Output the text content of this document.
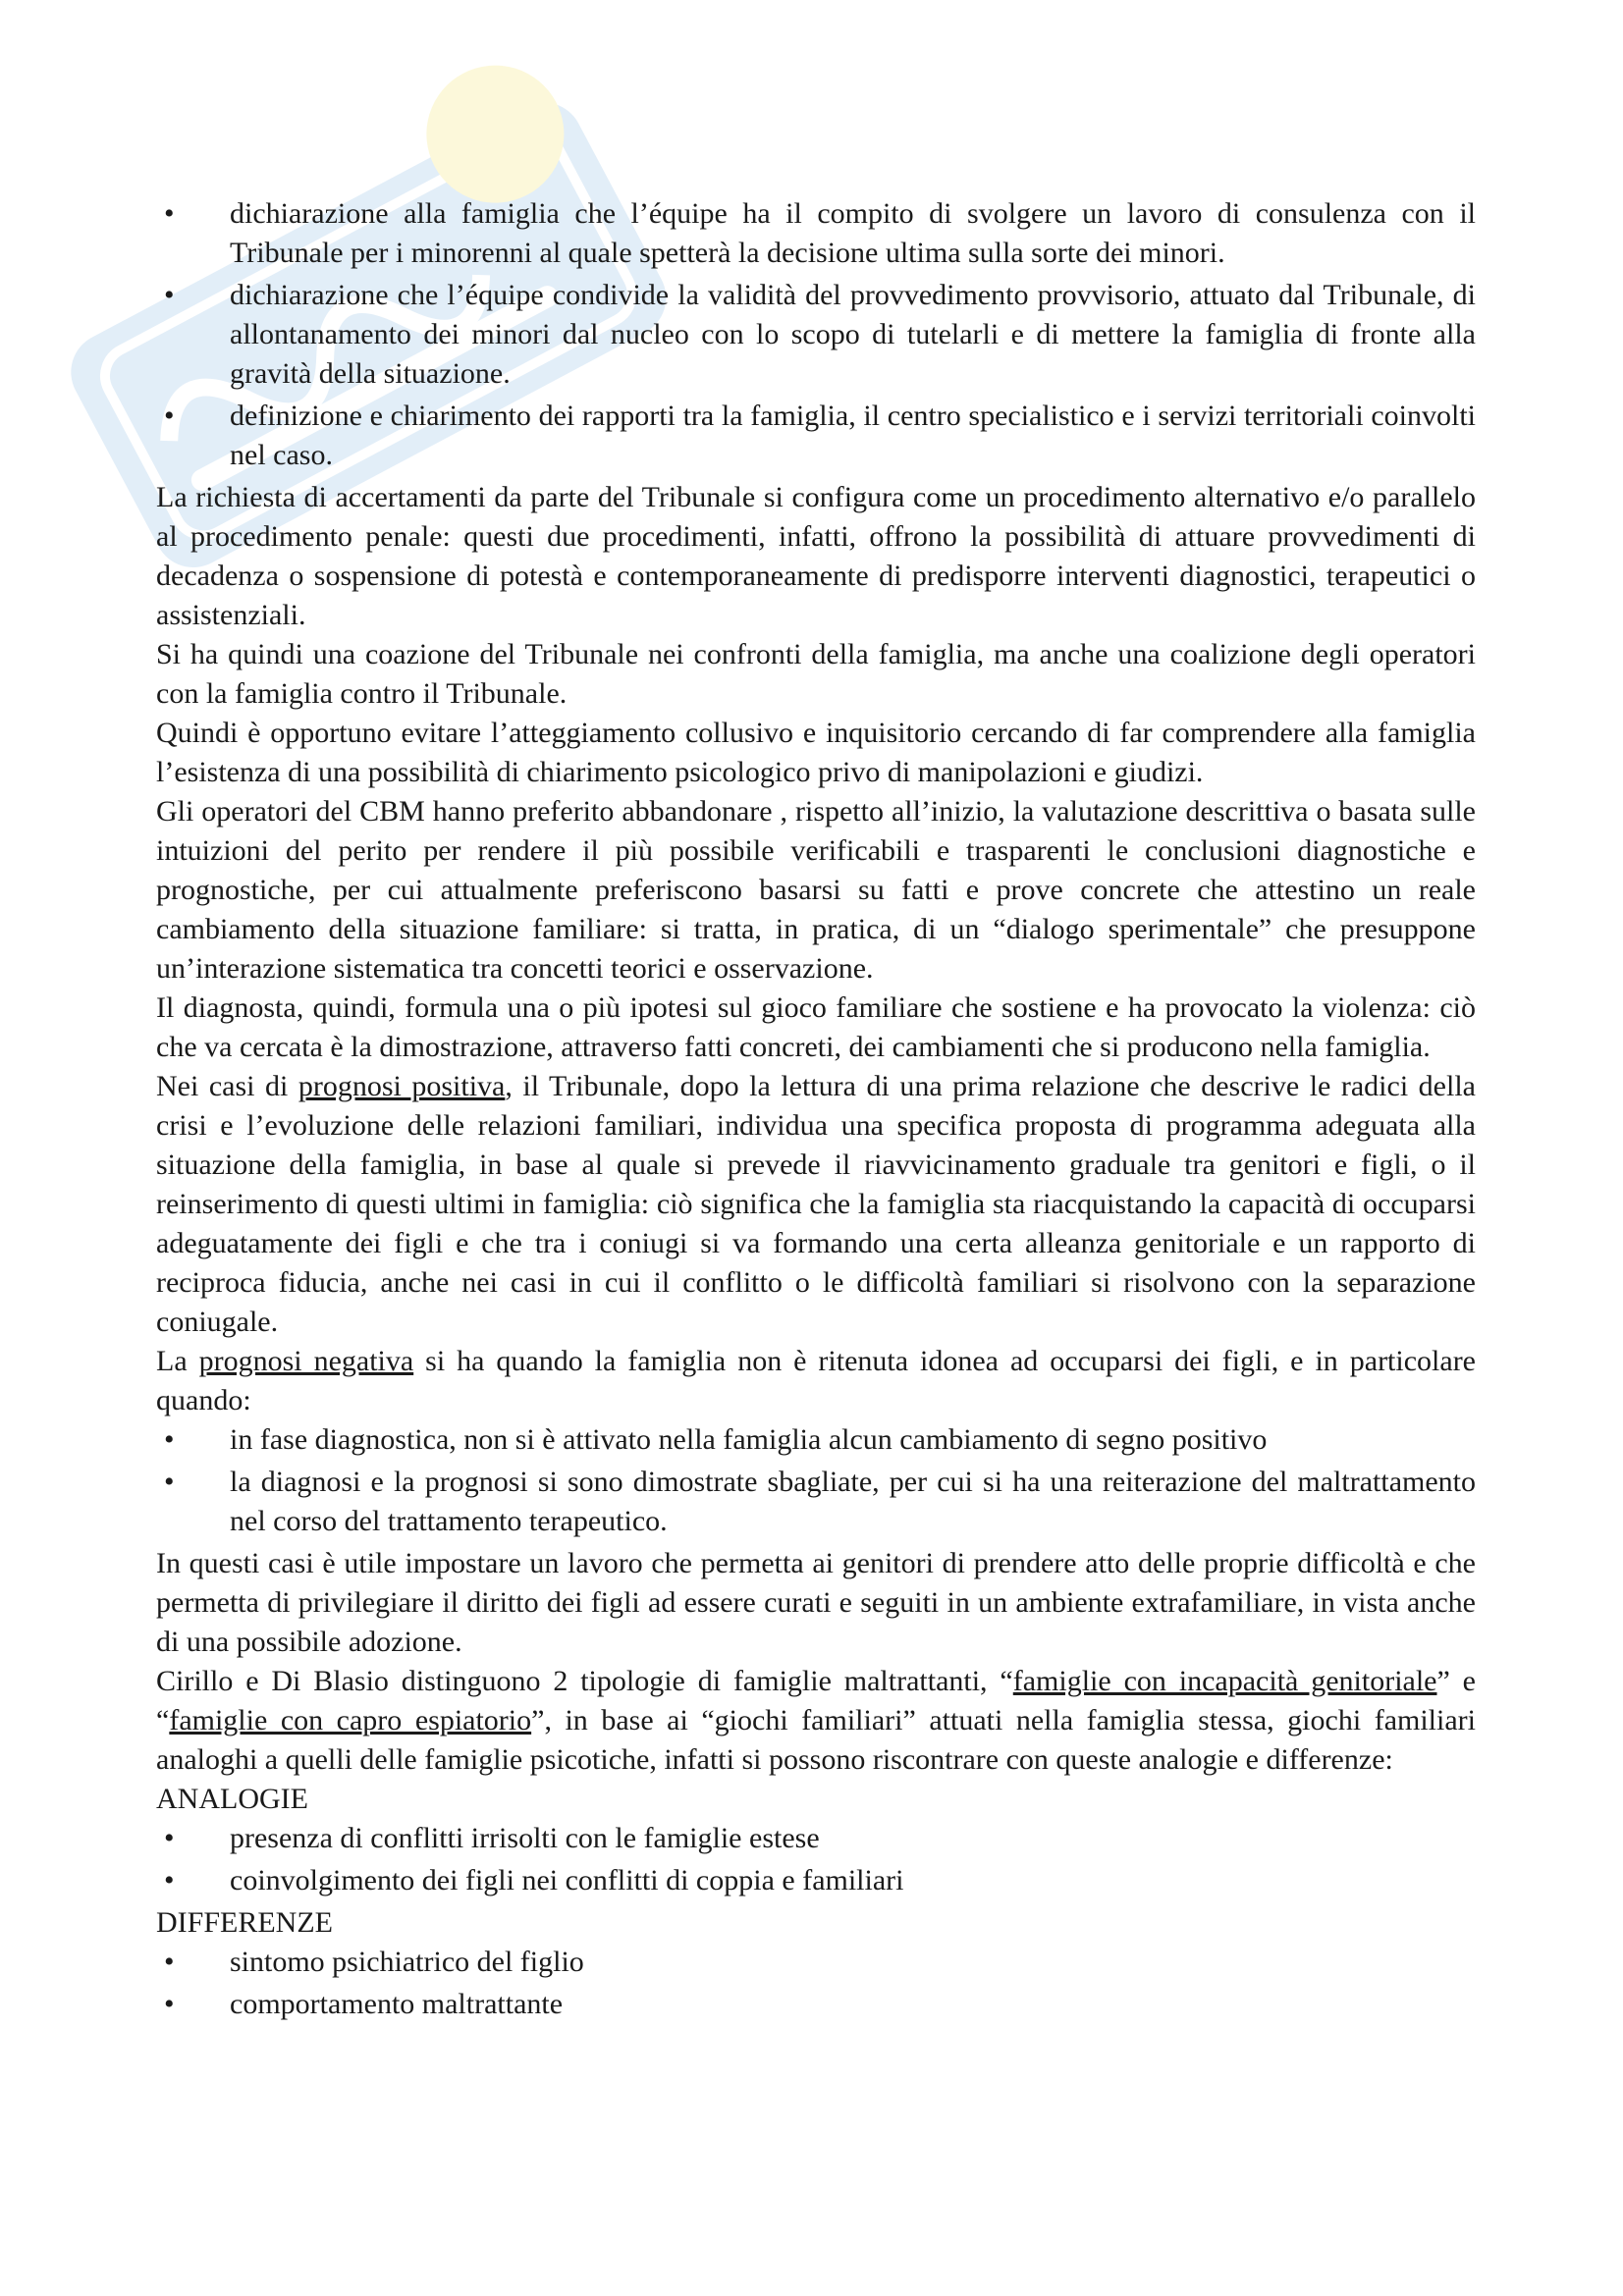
• dichiarazione alla famiglia che l’équipe ha il compito di svolgere un lavoro di consulenza con il Tribunale per i minorenni al quale spetterà la decisione ultima sulla sorte dei minori.
• dichiarazione che l’équipe condivide la validità del provvedimento provvisorio, attuato dal Tribunale, di allontanamento dei minori dal nucleo con lo scopo di tutelarli e di mettere la famiglia di fronte alla gravità della situazione.
• definizione e chiarimento dei rapporti tra la famiglia, il centro specialistico e i servizi territoriali coinvolti nel caso.

La richiesta di accertamenti da parte del Tribunale si configura come un procedimento alternativo e/o parallelo al procedimento penale: questi due procedimenti, infatti, offrono la possibilità di attuare provvedimenti di decadenza o sospensione di potestà e contemporaneamente di predisporre interventi diagnostici, terapeutici o assistenziali.

Si ha quindi una coazione del Tribunale nei confronti della famiglia, ma anche una coalizione degli operatori con la famiglia contro il Tribunale.

Quindi è opportuno evitare l’atteggiamento collusivo e inquisitorio cercando di far comprendere alla famiglia l’esistenza di una possibilità di chiarimento psicologico privo di manipolazioni e giudizi.

Gli operatori del CBM hanno preferito abbandonare , rispetto all’inizio, la valutazione descrittiva o basata sulle intuizioni del perito per rendere il più possibile verificabili e trasparenti le conclusioni diagnostiche e prognostiche, per cui attualmente preferiscono basarsi su fatti e prove concrete che attestino un reale cambiamento della situazione familiare: si tratta, in pratica, di un “dialogo sperimentale” che presuppone un’interazione sistematica tra concetti teorici e osservazione.

Il diagnosta, quindi, formula una o più ipotesi sul gioco familiare che sostiene e ha provocato la violenza: ciò che va cercata è la dimostrazione, attraverso fatti concreti, dei cambiamenti che si producono nella famiglia.

Nei casi di prognosi positiva, il Tribunale, dopo la lettura di una prima relazione che descrive le radici della crisi e l’evoluzione delle relazioni familiari, individua una specifica proposta di programma adeguata alla situazione della famiglia, in base al quale si prevede il riavvicinamento graduale tra genitori e figli, o il reinserimento di questi ultimi in famiglia: ciò significa che la famiglia sta riacquistando la capacità di occuparsi adeguatamente dei figli e che tra i coniugi si va formando una certa alleanza genitoriale e un rapporto di reciproca fiducia, anche nei casi in cui il conflitto o le difficoltà familiari si risolvono con la separazione coniugale.

La prognosi negativa si ha quando la famiglia non è ritenuta idonea ad occuparsi dei figli, e in particolare quando:

• in fase diagnostica, non si è attivato nella famiglia alcun cambiamento di segno positivo
• la diagnosi e la prognosi si sono dimostrate sbagliate, per cui si ha una reiterazione del maltrattamento nel corso del trattamento terapeutico.

In questi casi è utile impostare un lavoro che permetta ai genitori di prendere atto delle proprie difficoltà e che permetta di privilegiare il diritto dei figli ad essere curati e seguiti in un ambiente extrafamiliare, in vista anche di una possibile adozione.

Cirillo e Di Blasio distinguono 2 tipologie di famiglie maltrattanti, “famiglie con incapacità genitoriale” e “famiglie con capro espiatorio”, in base ai “giochi familiari” attuati nella famiglia stessa, giochi familiari analoghi a quelli delle famiglie psicotiche, infatti si possono riscontrare con queste analogie e differenze:

ANALOGIE

• presenza di conflitti irrisolti con le famiglie estese
• coinvolgimento dei figli nei conflitti di coppia e familiari

DIFFERENZE

• sintomo psichiatrico del figlio
• comportamento maltrattante
